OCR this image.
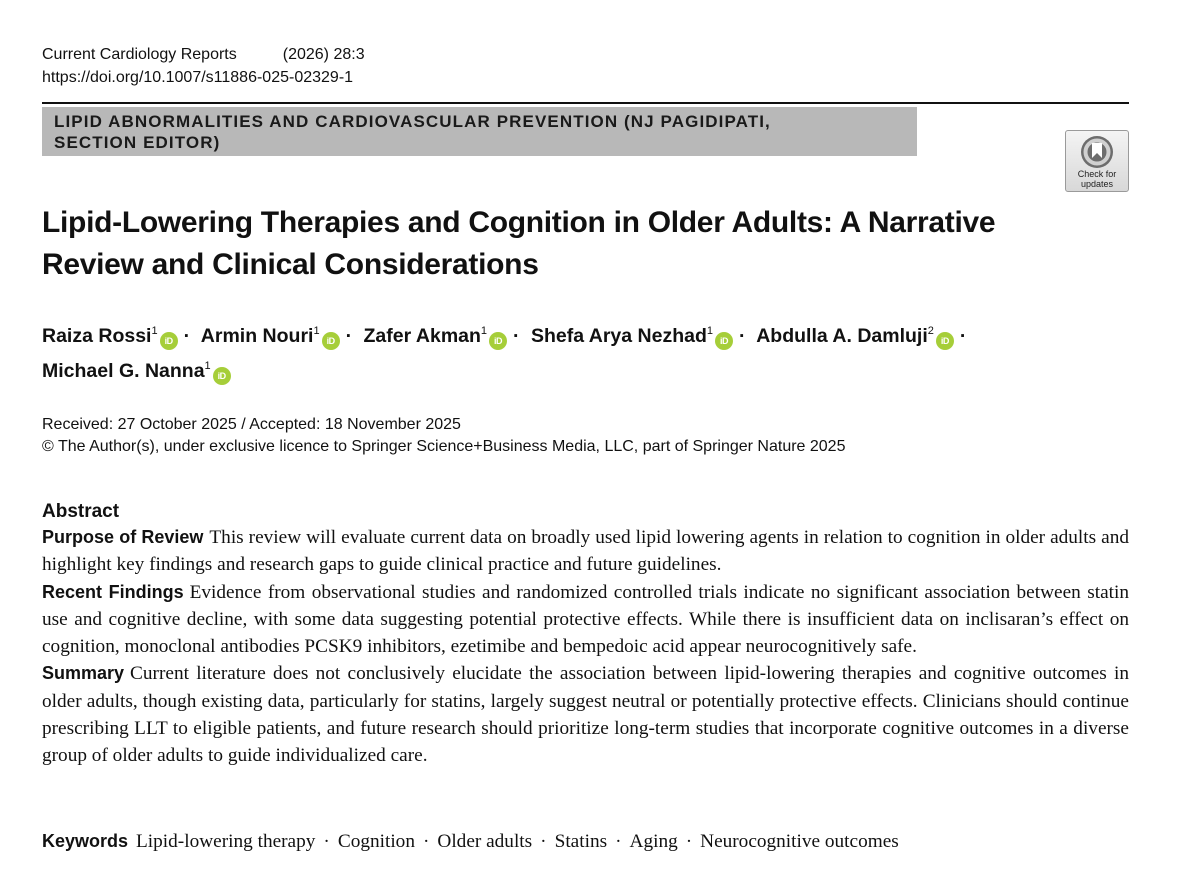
Current Cardiology Reports	(2026) 28:3
https://doi.org/10.1007/s11886-025-02329-1
LIPID ABNORMALITIES AND CARDIOVASCULAR PREVENTION (NJ PAGIDIPATI,
SECTION EDITOR)
Check for
updates
Lipid-Lowering Therapies and Cognition in Older Adults: A Narrative Review and Clinical Considerations
Raiza Rossi$^1$iD · Armin Nouri$^1$iD · Zafer Akman$^1$iD · Shefa Arya Nezhad$^1$iD · Abdulla A. Damluji$^2$iD · Michael G. Nanna$^1$iD
Received: 27 October 2025 / Accepted: 18 November 2025
© The Author(s), under exclusive licence to Springer Science+Business Media, LLC, part of Springer Nature 2025
Abstract

Purpose of Review This review will evaluate current data on broadly used lipid lowering agents in relation to cognition in older adults and highlight key findings and research gaps to guide clinical practice and future guidelines.

Recent Findings Evidence from observational studies and randomized controlled trials indicate no significant association between statin use and cognitive decline, with some data suggesting potential protective effects. While there is insufficient data on inclisaran’s effect on cognition, monoclonal antibodies PCSK9 inhibitors, ezetimibe and bempedoic acid appear neurocognitively safe.

Summary Current literature does not conclusively elucidate the association between lipid-lowering therapies and cognitive outcomes in older adults, though existing data, particularly for statins, largely suggest neutral or potentially protective effects. Clinicians should continue prescribing LLT to eligible patients, and future research should prioritize long-term studies that incorporate cognitive outcomes in a diverse group of older adults to guide individualized care.

Keywords Lipid-lowering therapy · Cognition · Older adults · Statins · Aging · Neurocognitive outcomes
